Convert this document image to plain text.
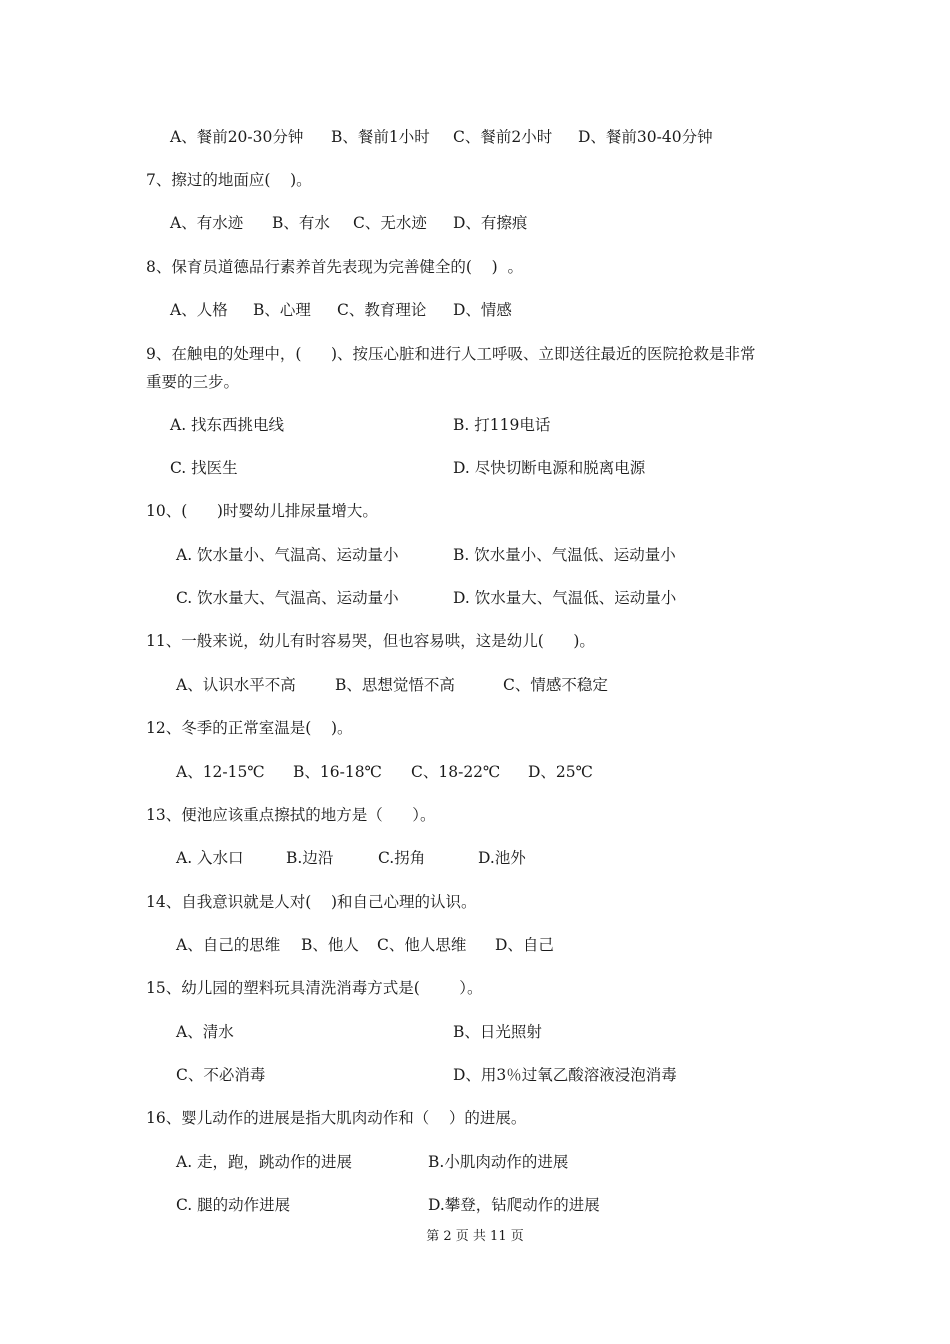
A、餐前20-30分钟 B、餐前1小时 C、餐前2小时 D、餐前30-40分钟
7、擦过的地面应(    )。
A、有水迹 B、有水 C、无水迹 D、有擦痕
8、保育员道德品行素养首先表现为完善健全的(    )  。
A、人格 B、心理 C、教育理论 D、情感
9、在触电的处理中，(      )、按压心脏和进行人工呼吸、立即送往最近的医院抢救是非常
重要的三步。
A. 找东西挑电线	B. 打119电话
C. 找医生	D. 尽快切断电源和脱离电源
10、(      )时婴幼儿排尿量增大。
A. 饮水量小、气温高、运动量小	B. 饮水量小、气温低、运动量小
C. 饮水量大、气温高、运动量小	D. 饮水量大、气温低、运动量小
11、一般来说，幼儿有时容易哭，但也容易哄，这是幼儿(      )。
A、认识水平不高	B、思想觉悟不高	C、情感不稳定
12、冬季的正常室温是(    )。
A、12-15℃ B、16-18℃ C、18-22℃ D、25℃
13、便池应该重点擦拭的地方是（      ）。
A. 入水口	B.边沿	C.拐角	D.池外
14、自我意识就是人对(    )和自己心理的认识。
A、自己的思维 B、他人 C、他人思维 D、自己
15、幼儿园的塑料玩具清洗消毒方式是(        ）。
A、清水	B、日光照射
C、不必消毒	D、用3％过氧乙酸溶液浸泡消毒
16、婴儿动作的进展是指大肌肉动作和（    ）的进展。
A. 走，跑，跳动作的进展	B.小肌肉动作的进展
C. 腿的动作进展	D.攀登，钻爬动作的进展
第 2 页 共 11 页
